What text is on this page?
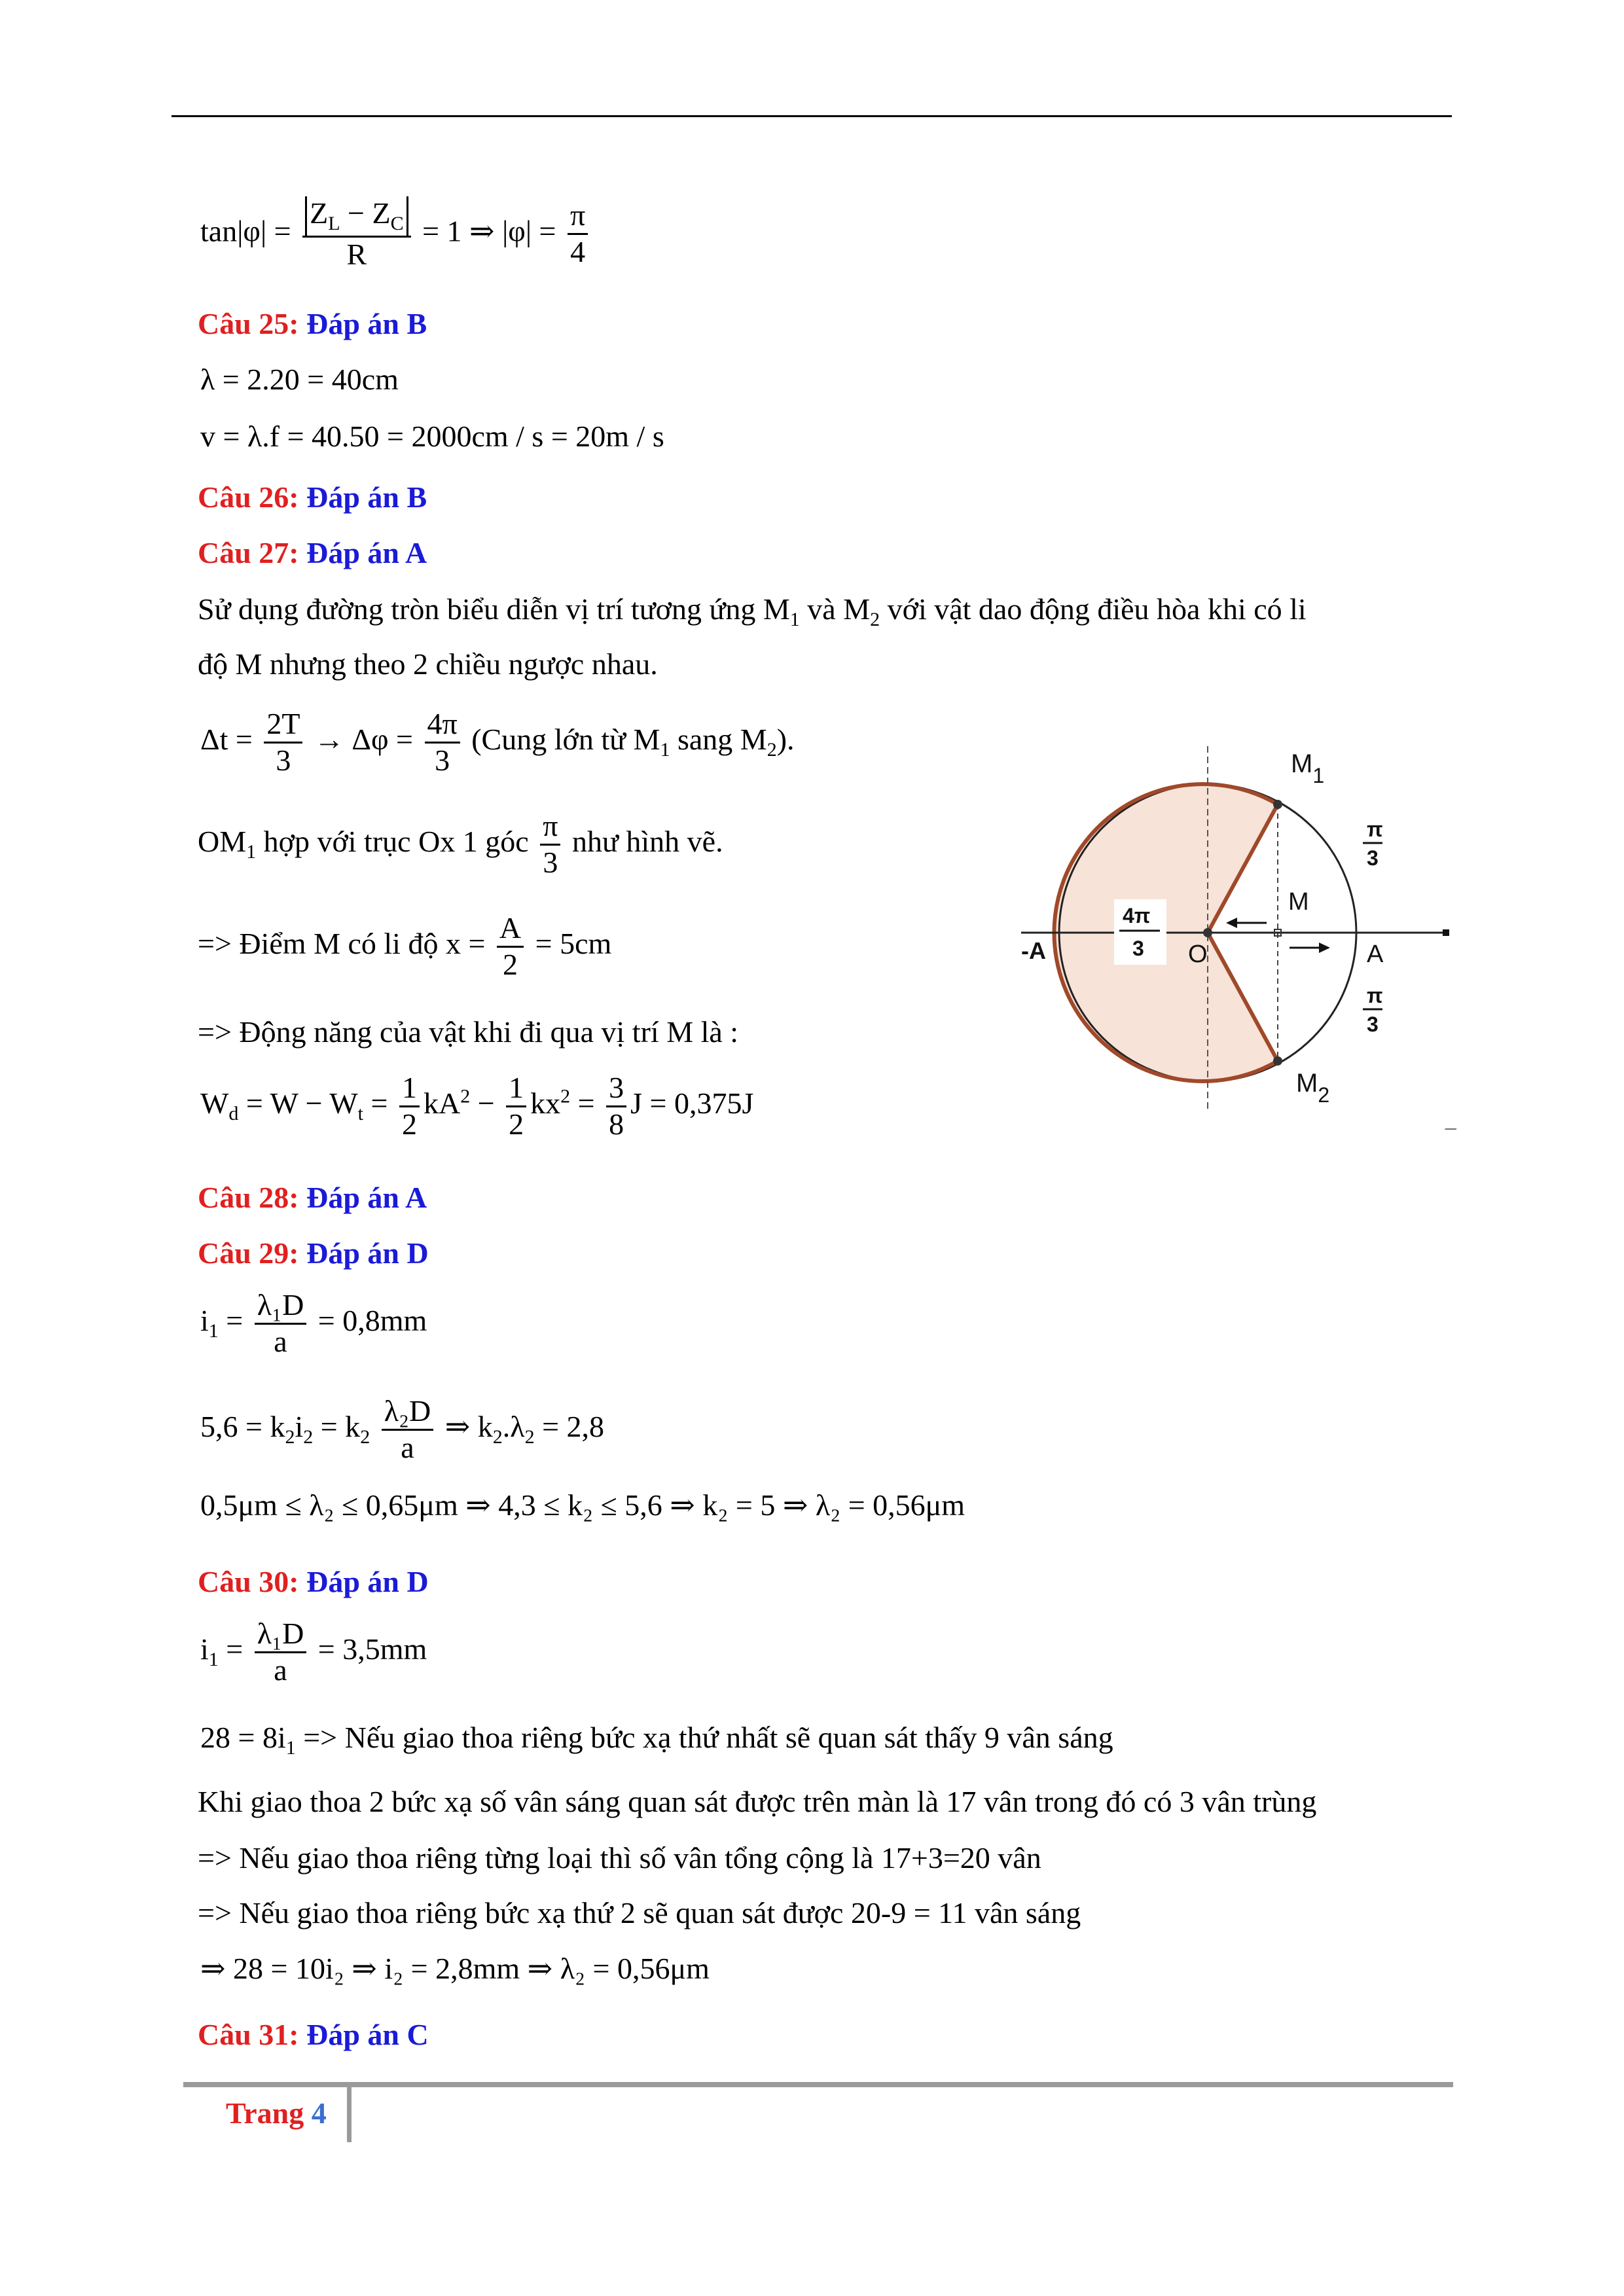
$\tan|\varphi| = \frac{Z_L - Z_C}{R} = 1$ ⇒ $|\varphi| = \frac{\pi}{4}$
Câu 25: Đáp án B
λ = 2.20 = 40cm
v = λ.f = 40.50 = 2000cm / s = 20m / s
Câu 26: Đáp án B
Câu 27: Đáp án A
Sử dụng đường tròn biểu diễn vị trí tương ứng $M_1$ và $M_2$ với vật dao động điều hòa khi có li
độ M nhưng theo 2 chiều ngược nhau.
$\Delta t = \frac{2T}{3} \to \Delta\varphi = \frac{4\pi}{3}$ (Cung lớn từ $M_1$ sang $M_2$).
$OM_1$ hợp với trục Ox 1 góc $\frac{\pi}{3}$ như hình vẽ.
=> Điểm M có li độ $x = \frac{A}{2} = 5cm$
=> Động năng của vật khi đi qua vị trí M là :
$W_d = W - W_t = \frac{1}{2} kA^2 - \frac{1}{2} kx^2 = \frac{3}{8}$ J = 0,375J
$M_1$
$M_2$
π
3
π
3
4π
3
M
O
-A	A
_
Câu 28: Đáp án A
Câu 29: Đáp án D
$i_1 = \frac{\text{λ₁D}}{a} = 0,8mm$
$5,6 = k_2i_2 = k_2 \frac{\text{λ₂D}}{a}$ ⇒ $k_2.\lambda_2 = 2,8$
0,5μm ≤ λ₂ ≤ 0,65μm ⇒ 4,3 ≤ k₂ ≤ 5,6 ⇒ k₂ = 5 ⇒ λ₂ = 0,56μm
Câu 30: Đáp án D
$i_1 = \frac{\text{λ₁D}}{a} = 3,5mm$
$28 = 8i_1$ => Nếu giao thoa riêng bức xạ thứ nhất sẽ quan sát thấy 9 vân sáng
Khi giao thoa 2 bức xạ số vân sáng quan sát được trên màn là 17 vân trong đó có 3 vân trùng
=> Nếu giao thoa riêng từng loại thì số vân tổng cộng là 17+3=20 vân
=> Nếu giao thoa riêng bức xạ thứ 2 sẽ quan sát được 20-9 = 11 vân sáng
⇒ 28 = 10i₂ ⇒ i₂ = 2,8mm ⇒ λ₂ = 0,56μm
Câu 31: Đáp án C
Trang 4
